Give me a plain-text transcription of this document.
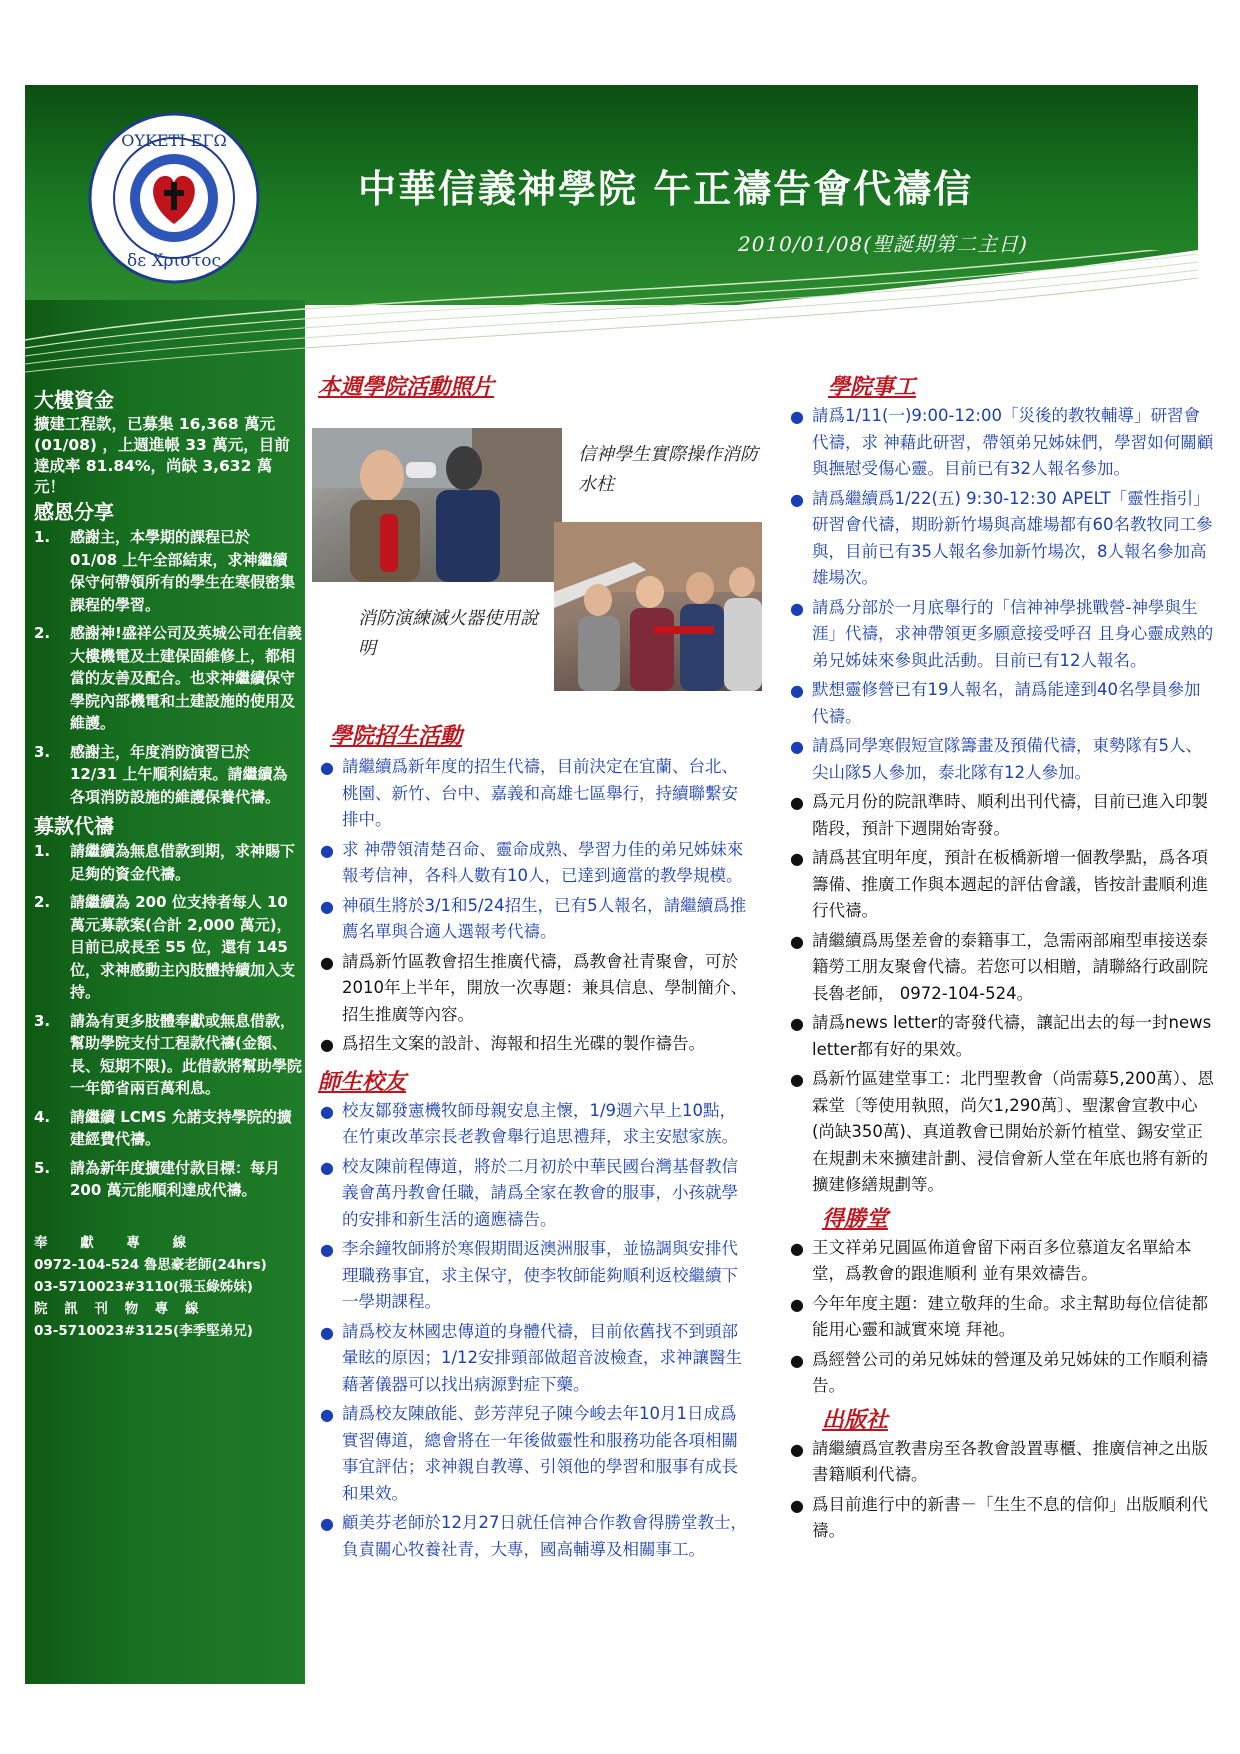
ΟΥΚΕΤΙ ΕΓΩ
δε Χριστος
中華信義神學院 午正禱告會代禱信
2010/01/08(聖誕期第二主日)
大樓資金

擴建工程款，已募集 16,368 萬元 (01/08) ，上週進帳 33 萬元，目前達成率 81.84%，尚缺 3,632 萬元！

感恩分享
1. 感謝主，本學期的課程已於 01/08 上午全部結束，求神繼續保守何帶領所有的學生在寒假密集課程的學習。
2. 感謝神!盛祥公司及英城公司在信義大樓機電及土建保固維修上，都相當的友善及配合。也求神繼續保守學院內部機電和土建設施的使用及維護。
3. 感謝主，年度消防演習已於 12/31 上午順利結束。請繼續為各項消防設施的維護保養代禱。
募款代禱
1. 請繼續為無息借款到期，求神賜下足夠的資金代禱。
2. 請繼續為 200 位支持者每人 10 萬元募款案(合計 2,000 萬元)，目前已成長至 55 位，還有 145 位，求神感動主內肢體持續加入支持。
3. 請為有更多肢體奉獻或無息借款，幫助學院支付工程款代禱(金額、長、短期不限)。此借款將幫助學院一年節省兩百萬利息。
4. 請繼續 LCMS 允諾支持學院的擴建經費代禱。
5. 請為新年度擴建付款目標：每月 200 萬元能順利達成代禱。
奉 獻 專 線
0972-104-524 魯思豪老師(24hrs)
03-5710023#3110(張玉綠姊妹)
院 訊 刊 物 專 線
03-5710023#3125(李季堅弟兄)
信神學生實際操作消防水柱
消防演練滅火器使用說明
本週學院活動照片
學院招生活動
● 請繼續爲新年度的招生代禱，目前決定在宜蘭、台北、桃園、新竹、台中、嘉義和高雄七區舉行，持續聯繫安排中。
● 求 神帶領清楚召命、靈命成熟、學習力佳的弟兄姊妹來報考信神，各科人數有10人，已達到適當的教學規模。
● 神碩生將於3/1和5/24招生，已有5人報名，請繼續爲推薦名單與合適人選報考代禱。
● 請爲新竹區教會招生推廣代禱，爲教會社青聚會，可於2010年上半年，開放一次專題：兼具信息、學制簡介、招生推廣等內容。
● 爲招生文案的設計、海報和招生光碟的製作禱告。
師生校友
● 校友鄒發憲機牧師母親安息主懷，1/9週六早上10點，在竹東改革宗長老教會舉行追思禮拜，求主安慰家族。
● 校友陳前程傳道，將於二月初於中華民國台灣基督教信義會萬丹教會任職，請爲全家在教會的服事，小孩就學的安排和新生活的適應禱告。
● 李余鐘牧師將於寒假期間返澳洲服事，並協調與安排代理職務事宜，求主保守，使李牧師能夠順利返校繼續下一學期課程。
● 請爲校友林國忠傳道的身體代禱，目前依舊找不到頭部暈眩的原因；1/12安排頸部做超音波檢查，求神讓醫生藉著儀器可以找出病源對症下藥。
● 請爲校友陳啟能、彭芳萍兒子陳今峻去年10月1日成爲實習傳道，總會將在一年後做靈性和服務功能各項相關事宜評估；求神親自教導、引領他的學習和服事有成長和果效。
● 顧美芬老師於12月27日就任信神合作教會得勝堂教士，負責關心牧養社青，大專，國高輔導及相關事工。
學院事工
● 請爲1/11(一)9:00-12:00「災後的教牧輔導」研習會代禱，求 神藉此研習，帶領弟兄姊妹們，學習如何關顧與撫慰受傷心靈。目前已有32人報名參加。
● 請爲繼續爲1/22(五) 9:30-12:30 APELT「靈性指引」研習會代禱，期盼新竹場與高雄場都有60名教牧同工參與，目前已有35人報名參加新竹場次，8人報名參加高雄場次。
● 請爲分部於一月底舉行的「信神神學挑戰營-神學與生涯」代禱，求神帶領更多願意接受呼召 且身心靈成熟的弟兄姊妹來參與此活動。目前已有12人報名。
● 默想靈修營已有19人報名，請爲能達到40名學員參加代禱。
● 請爲同學寒假短宣隊籌畫及預備代禱，東勢隊有5人、尖山隊5人參加，泰北隊有12人參加。
● 爲元月份的院訊準時、順利出刊代禱，目前已進入印製階段，預計下週開始寄發。
● 請爲甚宜明年度，預計在板橋新增一個教學點，爲各項籌備、推廣工作與本週起的評估會議，皆按計畫順利進行代禱。
● 請繼續爲馬堡差會的泰籍事工，急需兩部廂型車接送泰籍勞工朋友聚會代禱。若您可以相贈，請聯絡行政副院長魯老師， 0972-104-524。
● 請爲news letter的寄發代禱，讓記出去的每一封news letter都有好的果效。
● 爲新竹區建堂事工：北門聖教會（尚需募5,200萬）、恩霖堂〔等使用執照，尚欠1,290萬〕、聖潔會宣教中心(尚缺350萬)、真道教會已開始於新竹植堂、錫安堂正在規劃未來擴建計劃、浸信會新人堂在年底也將有新的擴建修繕規劃等。
得勝堂
● 王文祥弟兄圓區佈道會留下兩百多位慕道友名單給本堂，爲教會的跟進順利 並有果效禱告。
● 今年年度主題：建立敬拜的生命。求主幫助每位信徒都能用心靈和誠實來境 拜祂。
● 爲經營公司的弟兄姊妹的營運及弟兄姊妹的工作順利禱告。
出版社
● 請繼續爲宣教書房至各教會設置專櫃、推廣信神之出版書籍順利代禱。
● 爲目前進行中的新書－「生生不息的信仰」出版順利代禱。
